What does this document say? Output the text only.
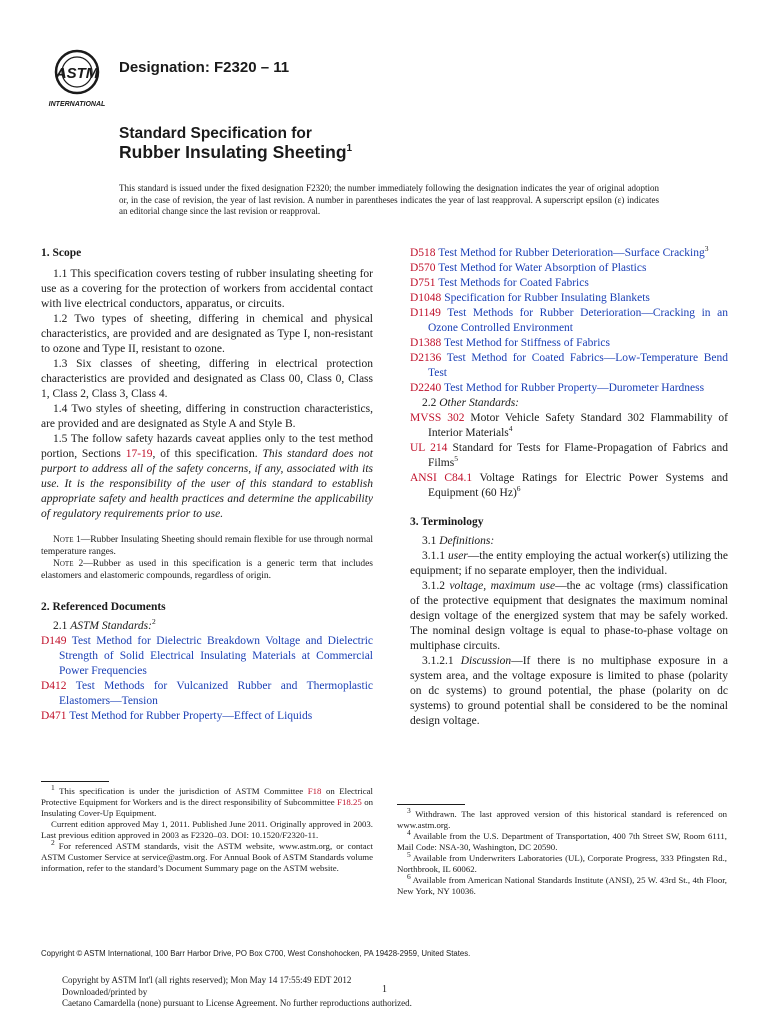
ASTM
INTERNATIONAL
Designation: F2320 – 11
Standard Specification for
Rubber Insulating Sheeting$^1$
This standard is issued under the fixed designation F2320; the number immediately following the designation indicates the year of original adoption or, in the case of revision, the year of last revision. A number in parentheses indicates the year of last reapproval. A superscript epsilon (ε) indicates an editorial change since the last revision or reapproval.
1. Scope

1.1 This specification covers testing of rubber insulating sheeting for use as a covering for the protection of workers from accidental contact with live electrical conductors, apparatus, or circuits.

1.2 Two types of sheeting, differing in chemical and physical characteristics, are provided and are designated as Type I, non-resistant to ozone and Type II, resistant to ozone.

1.3 Six classes of sheeting, differing in electrical protection characteristics are provided and designated as Class 00, Class 0, Class 1, Class 2, Class 3, Class 4.

1.4 Two styles of sheeting, differing in construction characteristics, are provided and are designated as Style A and Style B.

1.5 The follow safety hazards caveat applies only to the test method portion, Sections 17-19, of this specification. This standard does not purport to address all of the safety concerns, if any, associated with its use. It is the responsibility of the user of this standard to establish appropriate safety and health practices and determine the applicability of regulatory requirements prior to use.

Note 1—Rubber Insulating Sheeting should remain flexible for use through normal temperature ranges.

Note 2—Rubber as used in this specification is a generic term that includes elastomers and elastomeric compounds, regardless of origin.

2. Referenced Documents

2.1 ASTM Standards:$^2$

D149 Test Method for Dielectric Breakdown Voltage and Dielectric Strength of Solid Electrical Insulating Materials at Commercial Power Frequencies
D412 Test Methods for Vulcanized Rubber and Thermoplastic Elastomers—Tension
D471 Test Method for Rubber Property—Effect of Liquids

$^1$ This specification is under the jurisdiction of ASTM Committee F18 on Electrical Protective Equipment for Workers and is the direct responsibility of Subcommittee F18.25 on Insulating Cover-Up Equipment.

Current edition approved May 1, 2011. Published June 2011. Originally approved in 2003. Last previous edition approved in 2003 as F2320–03. DOI: 10.1520/F2320-11.

$^2$ For referenced ASTM standards, visit the ASTM website, www.astm.org, or contact ASTM Customer Service at service@astm.org. For Annual Book of ASTM Standards volume information, refer to the standard’s Document Summary page on the ASTM website.

D518 Test Method for Rubber Deterioration—Surface Cracking$^3$
D570 Test Method for Water Absorption of Plastics
D751 Test Methods for Coated Fabrics
D1048 Specification for Rubber Insulating Blankets
D1149 Test Methods for Rubber Deterioration—Cracking in an Ozone Controlled Environment
D1388 Test Method for Stiffness of Fabrics
D2136 Test Method for Coated Fabrics—Low-Temperature Bend Test
D2240 Test Method for Rubber Property—Durometer Hardness

2.2 Other Standards:

MVSS 302 Motor Vehicle Safety Standard 302 Flammability of Interior Materials$^4$
UL 214 Standard for Tests for Flame-Propagation of Fabrics and Films$^5$
ANSI C84.1 Voltage Ratings for Electric Power Systems and Equipment (60 Hz)$^6$
3. Terminology

3.1 Definitions:

3.1.1 user—the entity employing the actual worker(s) utilizing the equipment; if no separate employer, then the individual.

3.1.2 voltage, maximum use—the ac voltage (rms) classification of the protective equipment that designates the maximum nominal design voltage of the energized system that may be safely worked. The nominal design voltage is equal to phase-to-phase voltage on multiphase circuits.

3.1.2.1 Discussion—If there is no multiphase exposure in a system area, and the voltage exposure is limited to phase (polarity on dc systems) to ground potential, the phase (polarity on dc systems) to ground potential shall be considered to be the nominal design voltage.

$^3$ Withdrawn. The last approved version of this historical standard is referenced on www.astm.org.

$^4$ Available from the U.S. Department of Transportation, 400 7th Street SW, Room 6111, Mail Code: NSA-30, Washington, DC 20590.

$^5$ Available from Underwriters Laboratories (UL), Corporate Progress, 333 Pfingsten Rd., Northbrook, IL 60062.

$^6$ Available from American National Standards Institute (ANSI), 25 W. 43rd St., 4th Floor, New York, NY 10036.

Copyright © ASTM International, 100 Barr Harbor Drive, PO Box C700, West Conshohocken, PA 19428-2959, United States.
Copyright by ASTM Int'l (all rights reserved); Mon May 14 17:55:49 EDT 2012
Downloaded/printed by
Caetano Camardella (none) pursuant to License Agreement. No further reproductions authorized.
1
